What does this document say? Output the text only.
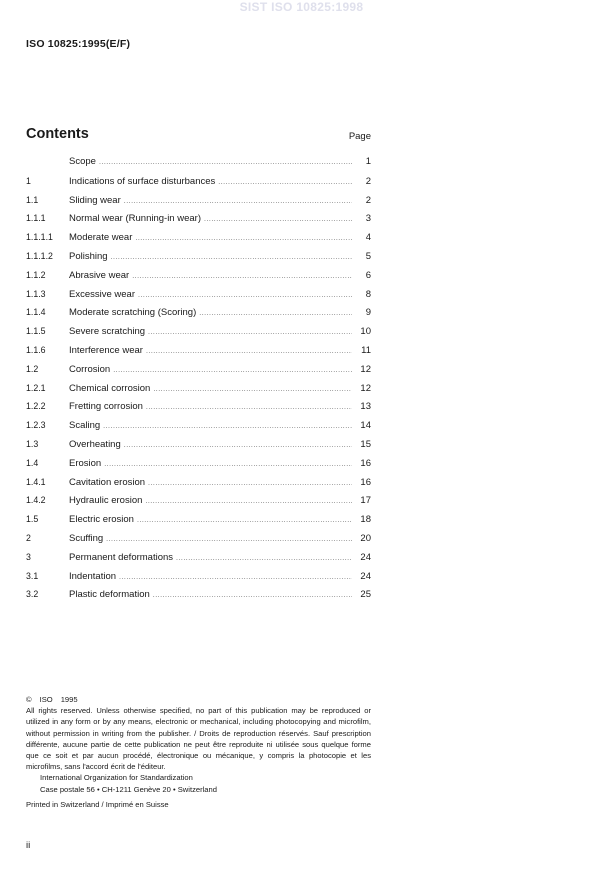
SIST ISO 10825:1998
ISO 10825:1995(E/F)
Contents	Page
Scope .....	1
1	Indications of surface disturbances .....	2
1.1	Sliding wear .....	2
1.1.1	Normal wear (Running-in wear) .....	3
1.1.1.1	Moderate wear .....	4
1.1.1.2	Polishing .....	5
1.1.2	Abrasive wear .....	6
1.1.3	Excessive wear .....	8
1.1.4	Moderate scratching (Scoring) .....	9
1.1.5	Severe scratching .....	10
1.1.6	Interference wear .....	11
1.2	Corrosion .....	12
1.2.1	Chemical corrosion .....	12
1.2.2	Fretting corrosion .....	13
1.2.3	Scaling .....	14
1.3	Overheating .....	15
1.4	Erosion .....	16
1.4.1	Cavitation erosion .....	16
1.4.2	Hydraulic erosion .....	17
1.5	Electric erosion .....	18
2	Scuffing .....	20
3	Permanent deformations .....	24
3.1	Indentation .....	24
3.2	Plastic deformation .....	25
© ISO 1995

All rights reserved. Unless otherwise specified, no part of this publication may be reproduced or utilized in any form or by any means, electronic or mechanical, including photocopying and microfilm, without permission in writing from the publisher. / Droits de reproduction réservés. Sauf prescription différente, aucune partie de cette publication ne peut être reproduite ni utilisée sous quelque forme que ce soit et par aucun procédé, électronique ou mécanique, y compris la photocopie et les microfilms, sans l'accord écrit de l'éditeur.

International Organization for Standardization
Case postale 56 • CH-1211 Genève 20 • Switzerland
Printed in Switzerland / Imprimé en Suisse
ii
